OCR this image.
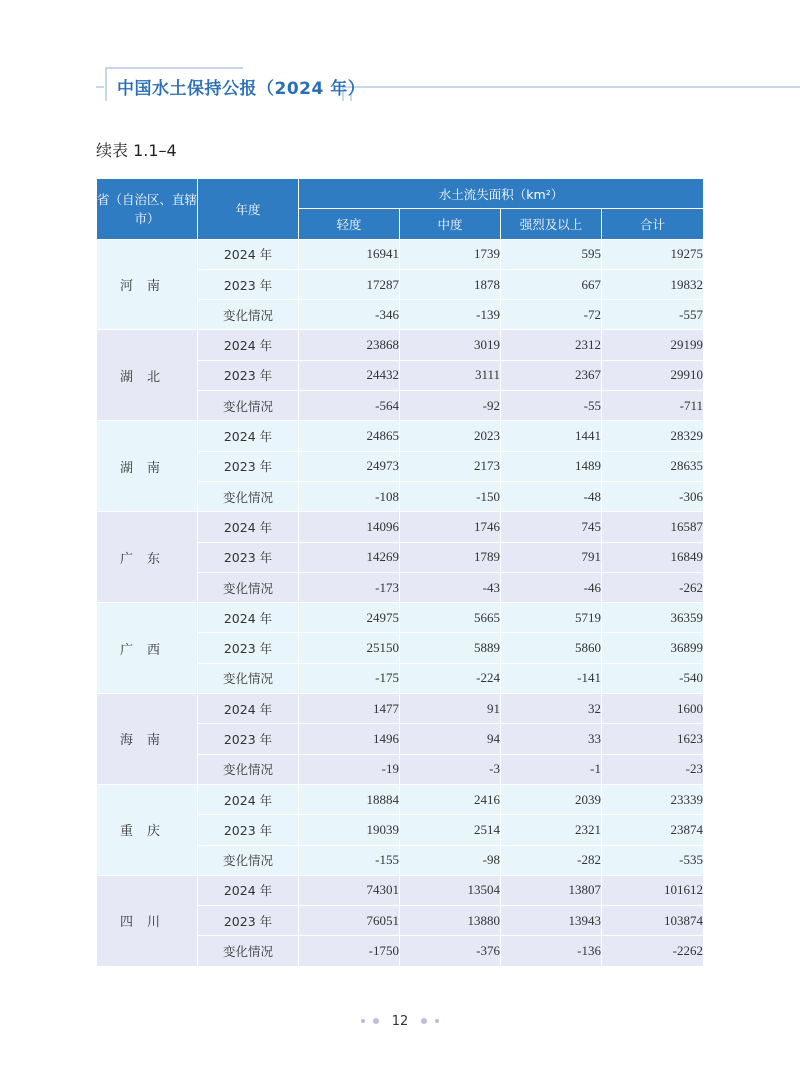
中国水土保持公报（2024 年）
续表 1.1–4
省（自治区、直辖市）	年度	水土流失面积（km²）			
		轻度	中度	强烈及以上	合计
河南	2024 年	16941	1739	595	19275
	2023 年	17287	1878	667	19832
	变化情况	-346	-139	-72	-557
湖北	2024 年	23868	3019	2312	29199
	2023 年	24432	3111	2367	29910
	变化情况	-564	-92	-55	-711
湖南	2024 年	24865	2023	1441	28329
	2023 年	24973	2173	1489	28635
	变化情况	-108	-150	-48	-306
广东	2024 年	14096	1746	745	16587
	2023 年	14269	1789	791	16849
	变化情况	-173	-43	-46	-262
广西	2024 年	24975	5665	5719	36359
	2023 年	25150	5889	5860	36899
	变化情况	-175	-224	-141	-540
海南	2024 年	1477	91	32	1600
	2023 年	1496	94	33	1623
	变化情况	-19	-3	-1	-23
重庆	2024 年	18884	2416	2039	23339
	2023 年	19039	2514	2321	23874
	变化情况	-155	-98	-282	-535
四川	2024 年	74301	13504	13807	101612
	2023 年	76051	13880	13943	103874
	变化情况	-1750	-376	-136	-2262
12
